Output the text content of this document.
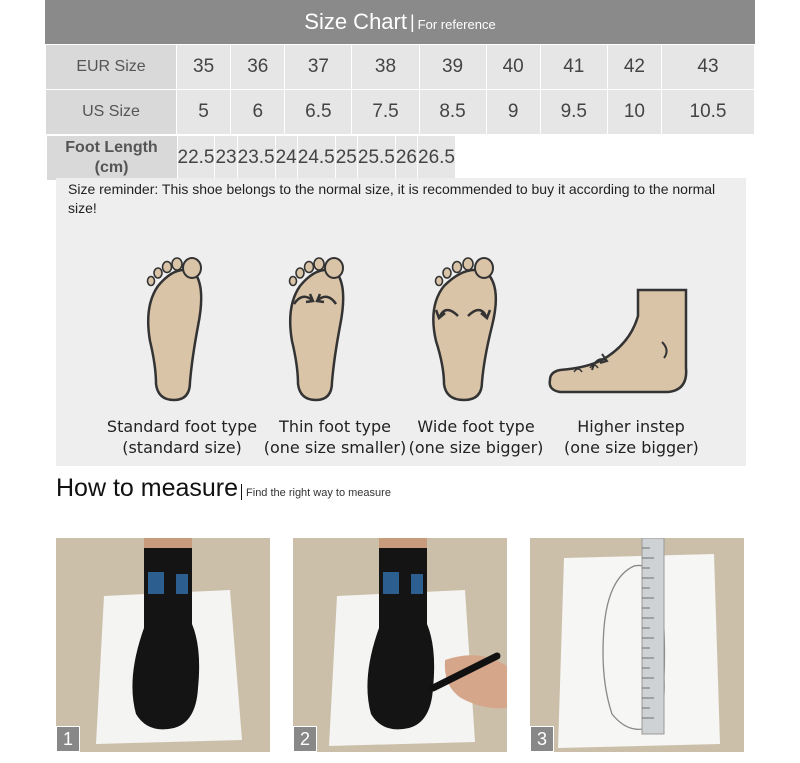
Size Chart | For reference
EUR Size	35	36	37	38	39	40	41	42	43
US Size	5	6	6.5	7.5	8.5	9	9.5	10	10.5

Foot Length (cm)	22.5	23	23.5	24	24.5	25	25.5	26	26.5
Size reminder: This shoe belongs to the normal size, it is recommended to buy it according to the normal size!
Standard foot type
(standard size)
Thin foot type
(one size smaller)
Wide foot type
(one size bigger)
Higher instep
(one size bigger)
How to measure Find the right way to measure
1	2	3
